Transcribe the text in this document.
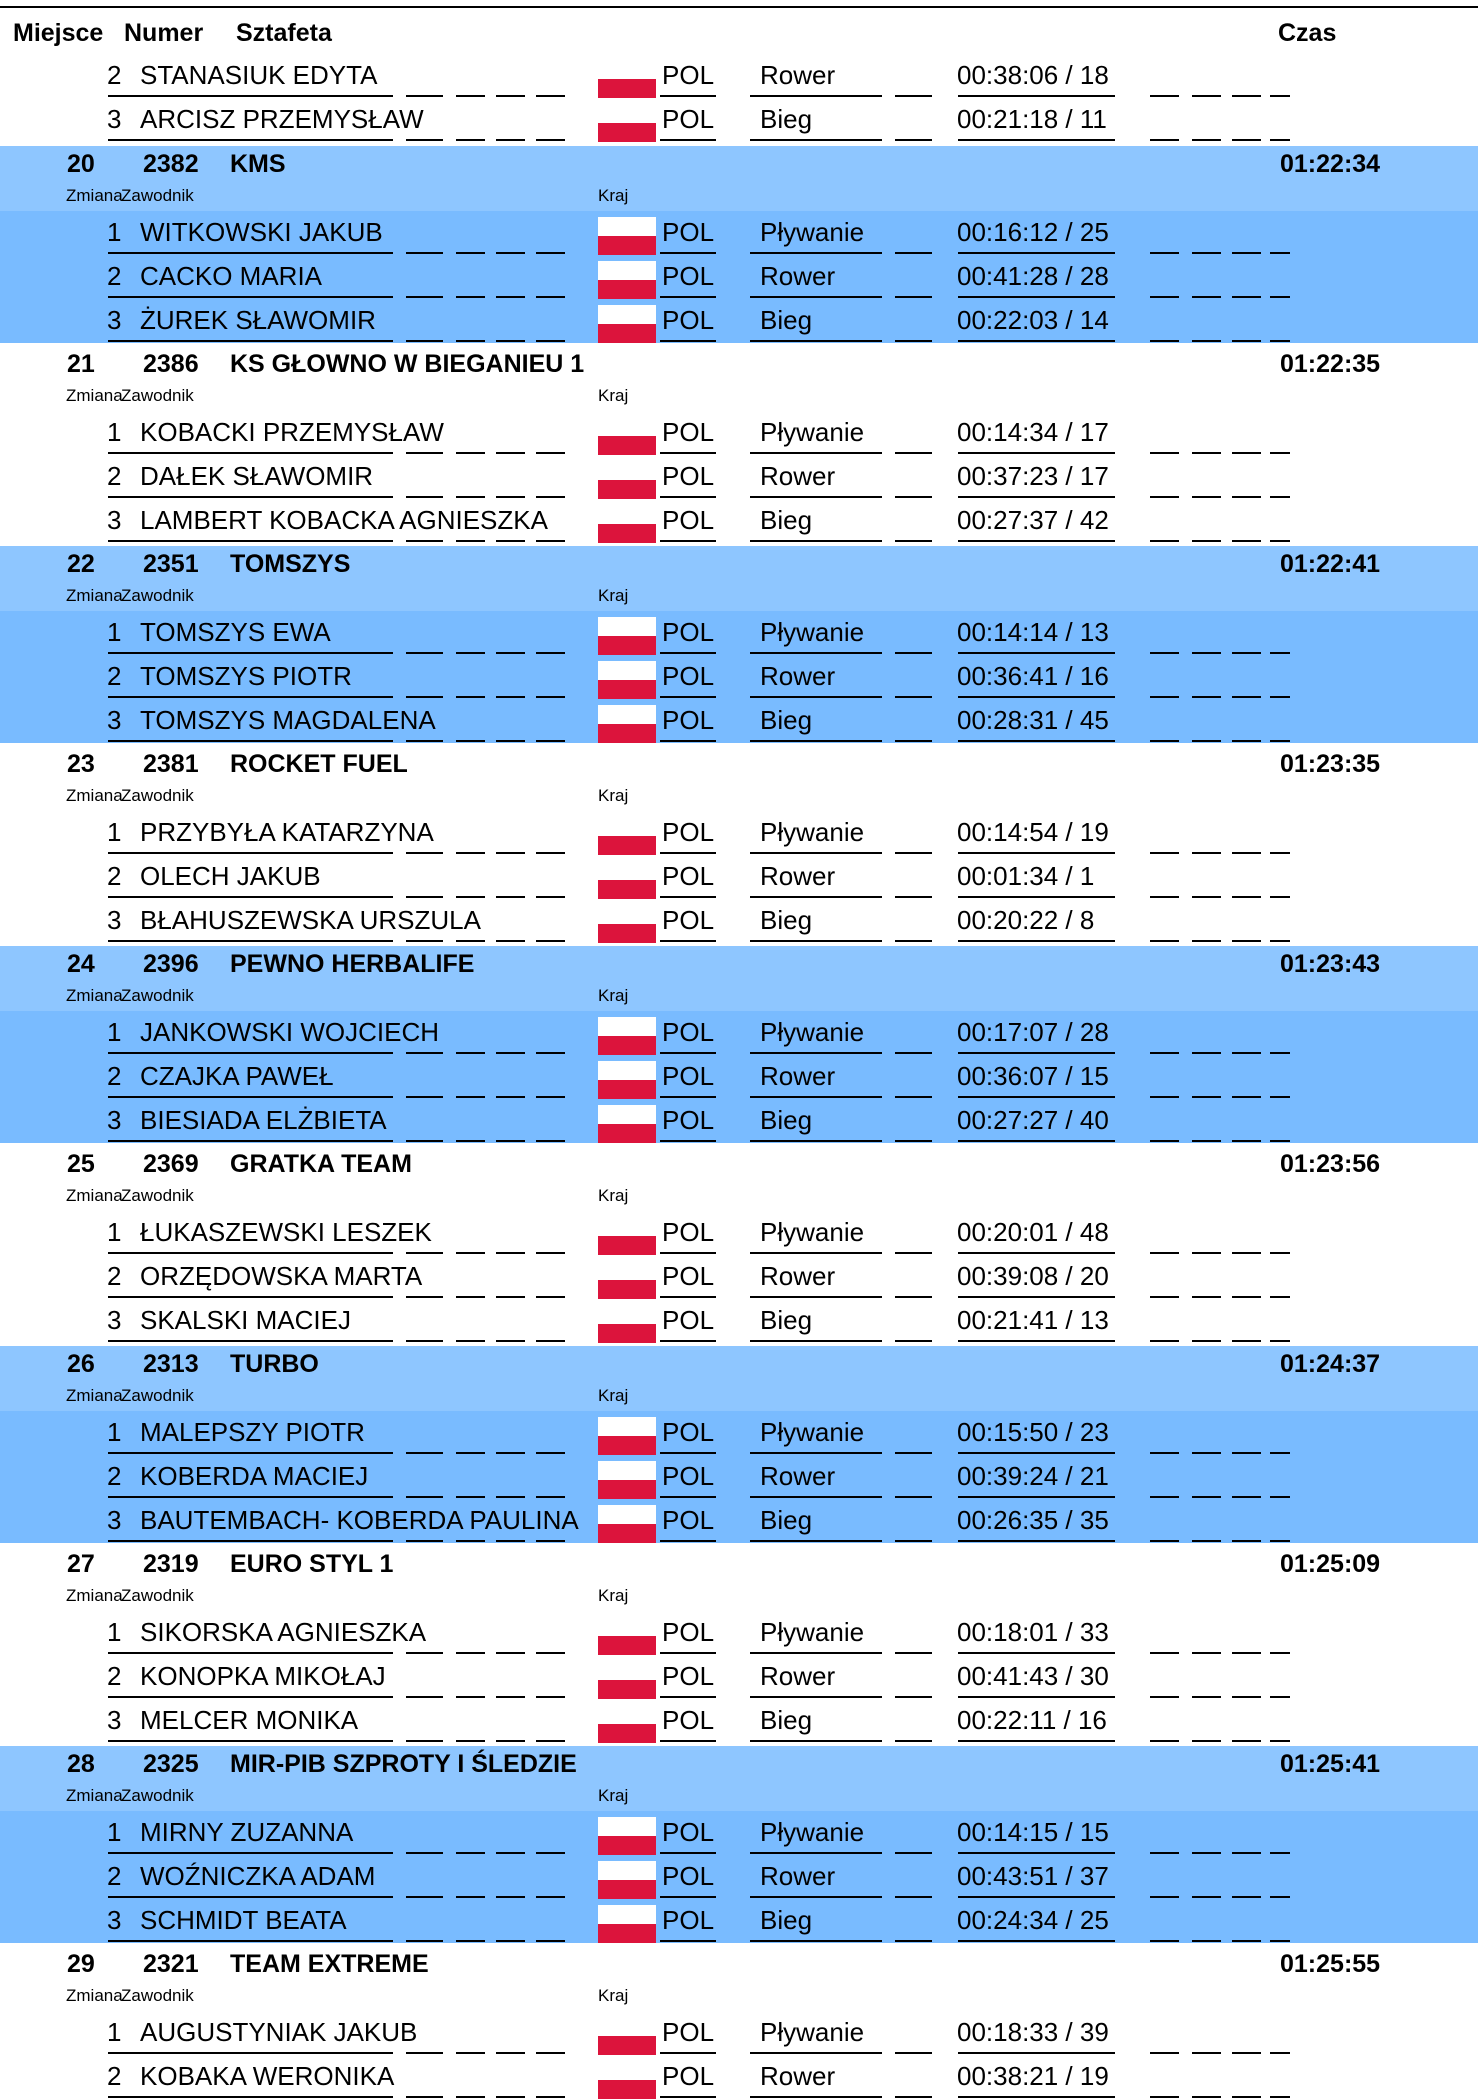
Miejsce Numer Sztafeta	Czas
2 STANASIUK EDYTA	POL Rower	00:38:06 / 18
3 ARCISZ PRZEMYSŁAW	POL Bieg	00:21:18 / 11
20 2382 KMS	01:22:34
Zmiana
Zawodnik	Kraj
1 WITKOWSKI JAKUB	POL Pływanie	00:16:12 / 25
2 CACKO MARIA	POL Rower	00:41:28 / 28
3 ŻUREK SŁAWOMIR	POL Bieg	00:22:03 / 14
21 2386 KS GŁOWNO W BIEGANIEU 1	01:22:35
Zmiana
Zawodnik	Kraj
1 KOBACKI PRZEMYSŁAW	POL Pływanie	00:14:34 / 17
2 DAŁEK SŁAWOMIR	POL Rower	00:37:23 / 17
3 LAMBERT KOBACKA AGNIESZKA	POL Bieg	00:27:37 / 42
22 2351 TOMSZYS	01:22:41
Zmiana
Zawodnik	Kraj
1 TOMSZYS EWA	POL Pływanie	00:14:14 / 13
2 TOMSZYS PIOTR	POL Rower	00:36:41 / 16
3 TOMSZYS MAGDALENA	POL Bieg	00:28:31 / 45
23 2381 ROCKET FUEL	01:23:35
Zmiana
Zawodnik	Kraj
1 PRZYBYŁA KATARZYNA	POL Pływanie	00:14:54 / 19
2 OLECH JAKUB	POL Rower	00:01:34 / 1
3 BŁAHUSZEWSKA URSZULA	POL Bieg	00:20:22 / 8
24 2396 PEWNO HERBALIFE	01:23:43
Zmiana
Zawodnik	Kraj
1 JANKOWSKI WOJCIECH	POL Pływanie	00:17:07 / 28
2 CZAJKA PAWEŁ	POL Rower	00:36:07 / 15
3 BIESIADA ELŻBIETA	POL Bieg	00:27:27 / 40
25 2369 GRATKA TEAM	01:23:56
Zmiana
Zawodnik	Kraj
1 ŁUKASZEWSKI LESZEK	POL Pływanie	00:20:01 / 48
2 ORZĘDOWSKA MARTA	POL Rower	00:39:08 / 20
3 SKALSKI MACIEJ	POL Bieg	00:21:41 / 13
26 2313 TURBO	01:24:37
Zmiana
Zawodnik	Kraj
1 MALEPSZY PIOTR	POL Pływanie	00:15:50 / 23
2 KOBERDA MACIEJ	POL Rower	00:39:24 / 21
3 BAUTEMBACH- KOBERDA PAULINA	POL Bieg	00:26:35 / 35
27 2319 EURO STYL 1	01:25:09
Zmiana
Zawodnik	Kraj
1 SIKORSKA AGNIESZKA	POL Pływanie	00:18:01 / 33
2 KONOPKA MIKOŁAJ	POL Rower	00:41:43 / 30
3 MELCER MONIKA	POL Bieg	00:22:11 / 16
28 2325 MIR-PIB SZPROTY I ŚLEDZIE	01:25:41
Zmiana
Zawodnik	Kraj
1 MIRNY ZUZANNA	POL Pływanie	00:14:15 / 15
2 WOŹNICZKA ADAM	POL Rower	00:43:51 / 37
3 SCHMIDT BEATA	POL Bieg	00:24:34 / 25
29 2321 TEAM EXTREME	01:25:55
Zmiana
Zawodnik	Kraj
1 AUGUSTYNIAK JAKUB	POL Pływanie	00:18:33 / 39
2 KOBAKA WERONIKA	POL Rower	00:38:21 / 19
